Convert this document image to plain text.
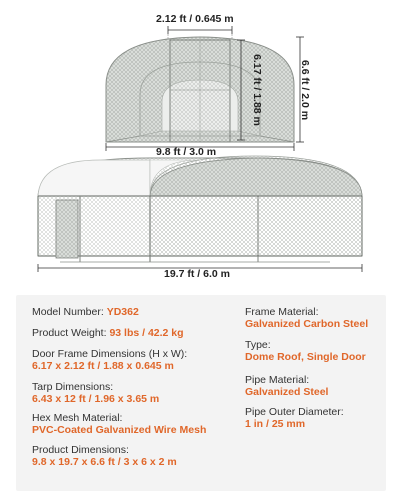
2.12 ft / 0.645 m
6.17 ft / 1.88 m	6.6 ft / 2.0 m
9.8 ft / 3.0 m
19.7 ft / 6.0 m
Model Number: YD362
Product Weight: 93 lbs / 42.2 kg
Door Frame Dimensions (H x W):
6.17 x 2.12 ft / 1.88 x 0.645 m
Tarp Dimensions:
6.43 x 12 ft / 1.96 x 3.65 m
Hex Mesh Material:
PVC-Coated Galvanized Wire Mesh
Product Dimensions:
9.8 x 19.7 x 6.6 ft / 3 x 6 x 2 m
Frame Material:
Galvanized Carbon Steel
Type:
Dome Roof, Single Door
Pipe Material:
Galvanized Steel
Pipe Outer Diameter:
1 in / 25 mm
